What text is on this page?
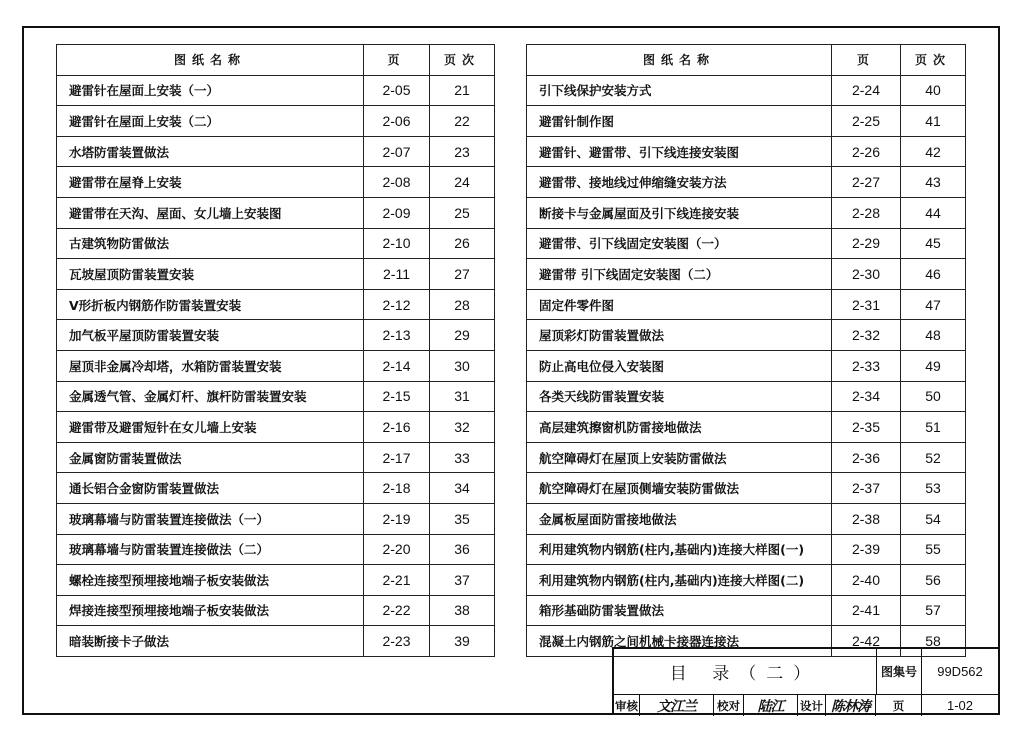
图纸名称	页	页次
避雷针在屋面上安装（一）	2-05	21
避雷针在屋面上安装（二）	2-06	22
水塔防雷装置做法	2-07	23
避雷带在屋脊上安装	2-08	24
避雷带在天沟、屋面、女儿墙上安装图	2-09	25
古建筑物防雷做法	2-10	26
瓦坡屋顶防雷装置安装	2-11	27
V形折板内钢筋作防雷装置安装	2-12	28
加气板平屋顶防雷装置安装	2-13	29
屋顶非金属冷却塔，水箱防雷装置安装	2-14	30
金属透气管、金属灯杆、旗杆防雷装置安装	2-15	31
避雷带及避雷短针在女儿墙上安装	2-16	32
金属窗防雷装置做法	2-17	33
通长铝合金窗防雷装置做法	2-18	34
玻璃幕墙与防雷装置连接做法（一）	2-19	35
玻璃幕墙与防雷装置连接做法（二）	2-20	36
螺栓连接型预埋接地端子板安装做法	2-21	37
焊接连接型预埋接地端子板安装做法	2-22	38
暗装断接卡子做法	2-23	39
图纸名称	页	页次
引下线保护安装方式	2-24	40
避雷针制作图	2-25	41
避雷针、避雷带、引下线连接安装图	2-26	42
避雷带、接地线过伸缩缝安装方法	2-27	43
断接卡与金属屋面及引下线连接安装	2-28	44
避雷带、引下线固定安装图（一）	2-29	45
避雷带 引下线固定安装图（二）	2-30	46
固定件零件图	2-31	47
屋顶彩灯防雷装置做法	2-32	48
防止高电位侵入安装图	2-33	49
各类天线防雷装置安装	2-34	50
高层建筑擦窗机防雷接地做法	2-35	51
航空障碍灯在屋顶上安装防雷做法	2-36	52
航空障碍灯在屋顶侧墙安装防雷做法	2-37	53
金属板屋面防雷接地做法	2-38	54
利用建筑物内钢筋(柱内,基础内)连接大样图(一)	2-39	55
利用建筑物内钢筋(柱内,基础内)连接大样图(二)	2-40	56
箱形基础防雷装置做法	2-41	57
混凝土内钢筋之间机械卡接器连接法	2-42	58
目 录（二）	图集号	99D562
审核	文江兰	校对	陆江	设计 陈林涛	页	1-02
